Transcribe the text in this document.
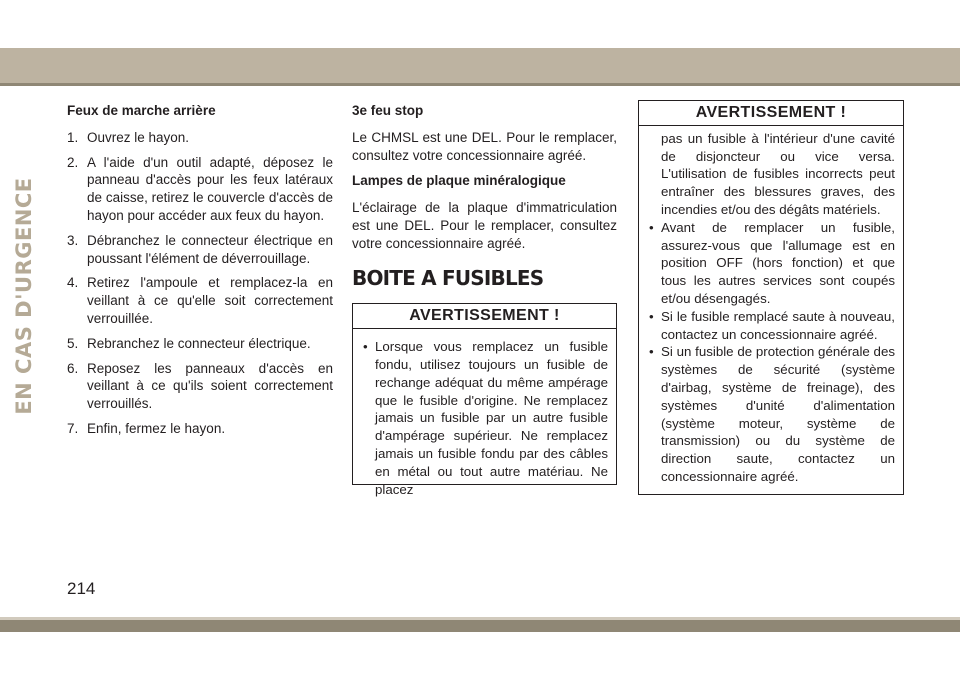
EN CAS D'URGENCE
Feux de marche arrière
1. Ouvrez le hayon.
2. A l'aide d'un outil adapté, déposez le panneau d'accès pour les feux latéraux de caisse, retirez le couvercle d'accès de hayon pour accéder aux feux du hayon.
3. Débranchez le connecteur électrique en poussant l'élément de déverrouillage.
4. Retirez l'ampoule et remplacez-la en veillant à ce qu'elle soit correctement verrouillée.
5. Rebranchez le connecteur électrique.
6. Reposez les panneaux d'accès en veillant à ce qu'ils soient correctement verrouillés.
7. Enfin, fermez le hayon.
3e feu stop

Le CHMSL est une DEL. Pour le remplacer, consultez votre concessionnaire agréé.

Lampes de plaque minéralogique

L'éclairage de la plaque d'immatriculation est une DEL. Pour le remplacer, consultez votre concessionnaire agréé.

BOITE A FUSIBLES
AVERTISSEMENT !
• Lorsque vous remplacez un fusible fondu, utilisez toujours un fusible de rechange adéquat du même ampérage que le fusible d'origine. Ne remplacez jamais un fusible par un autre fusible d'ampérage supérieur. Ne remplacez jamais un fusible fondu par des câbles en métal ou tout autre matériau. Ne placez
AVERTISSEMENT !
pas un fusible à l'intérieur d'une cavité de disjoncteur ou vice versa. L'utilisation de fusibles incorrects peut entraîner des blessures graves, des incendies et/ou des dégâts matériels.
• Avant de remplacer un fusible, assurez-vous que l'allumage est en position OFF (hors fonction) et que tous les autres services sont coupés et/ou désengagés.
• Si le fusible remplacé saute à nouveau, contactez un concessionnaire agréé.
• Si un fusible de protection générale des systèmes de sécurité (système d'airbag, système de freinage), des systèmes d'unité d'alimentation (système moteur, système de transmission) ou du système de direction saute, contactez un concessionnaire agréé.
214
